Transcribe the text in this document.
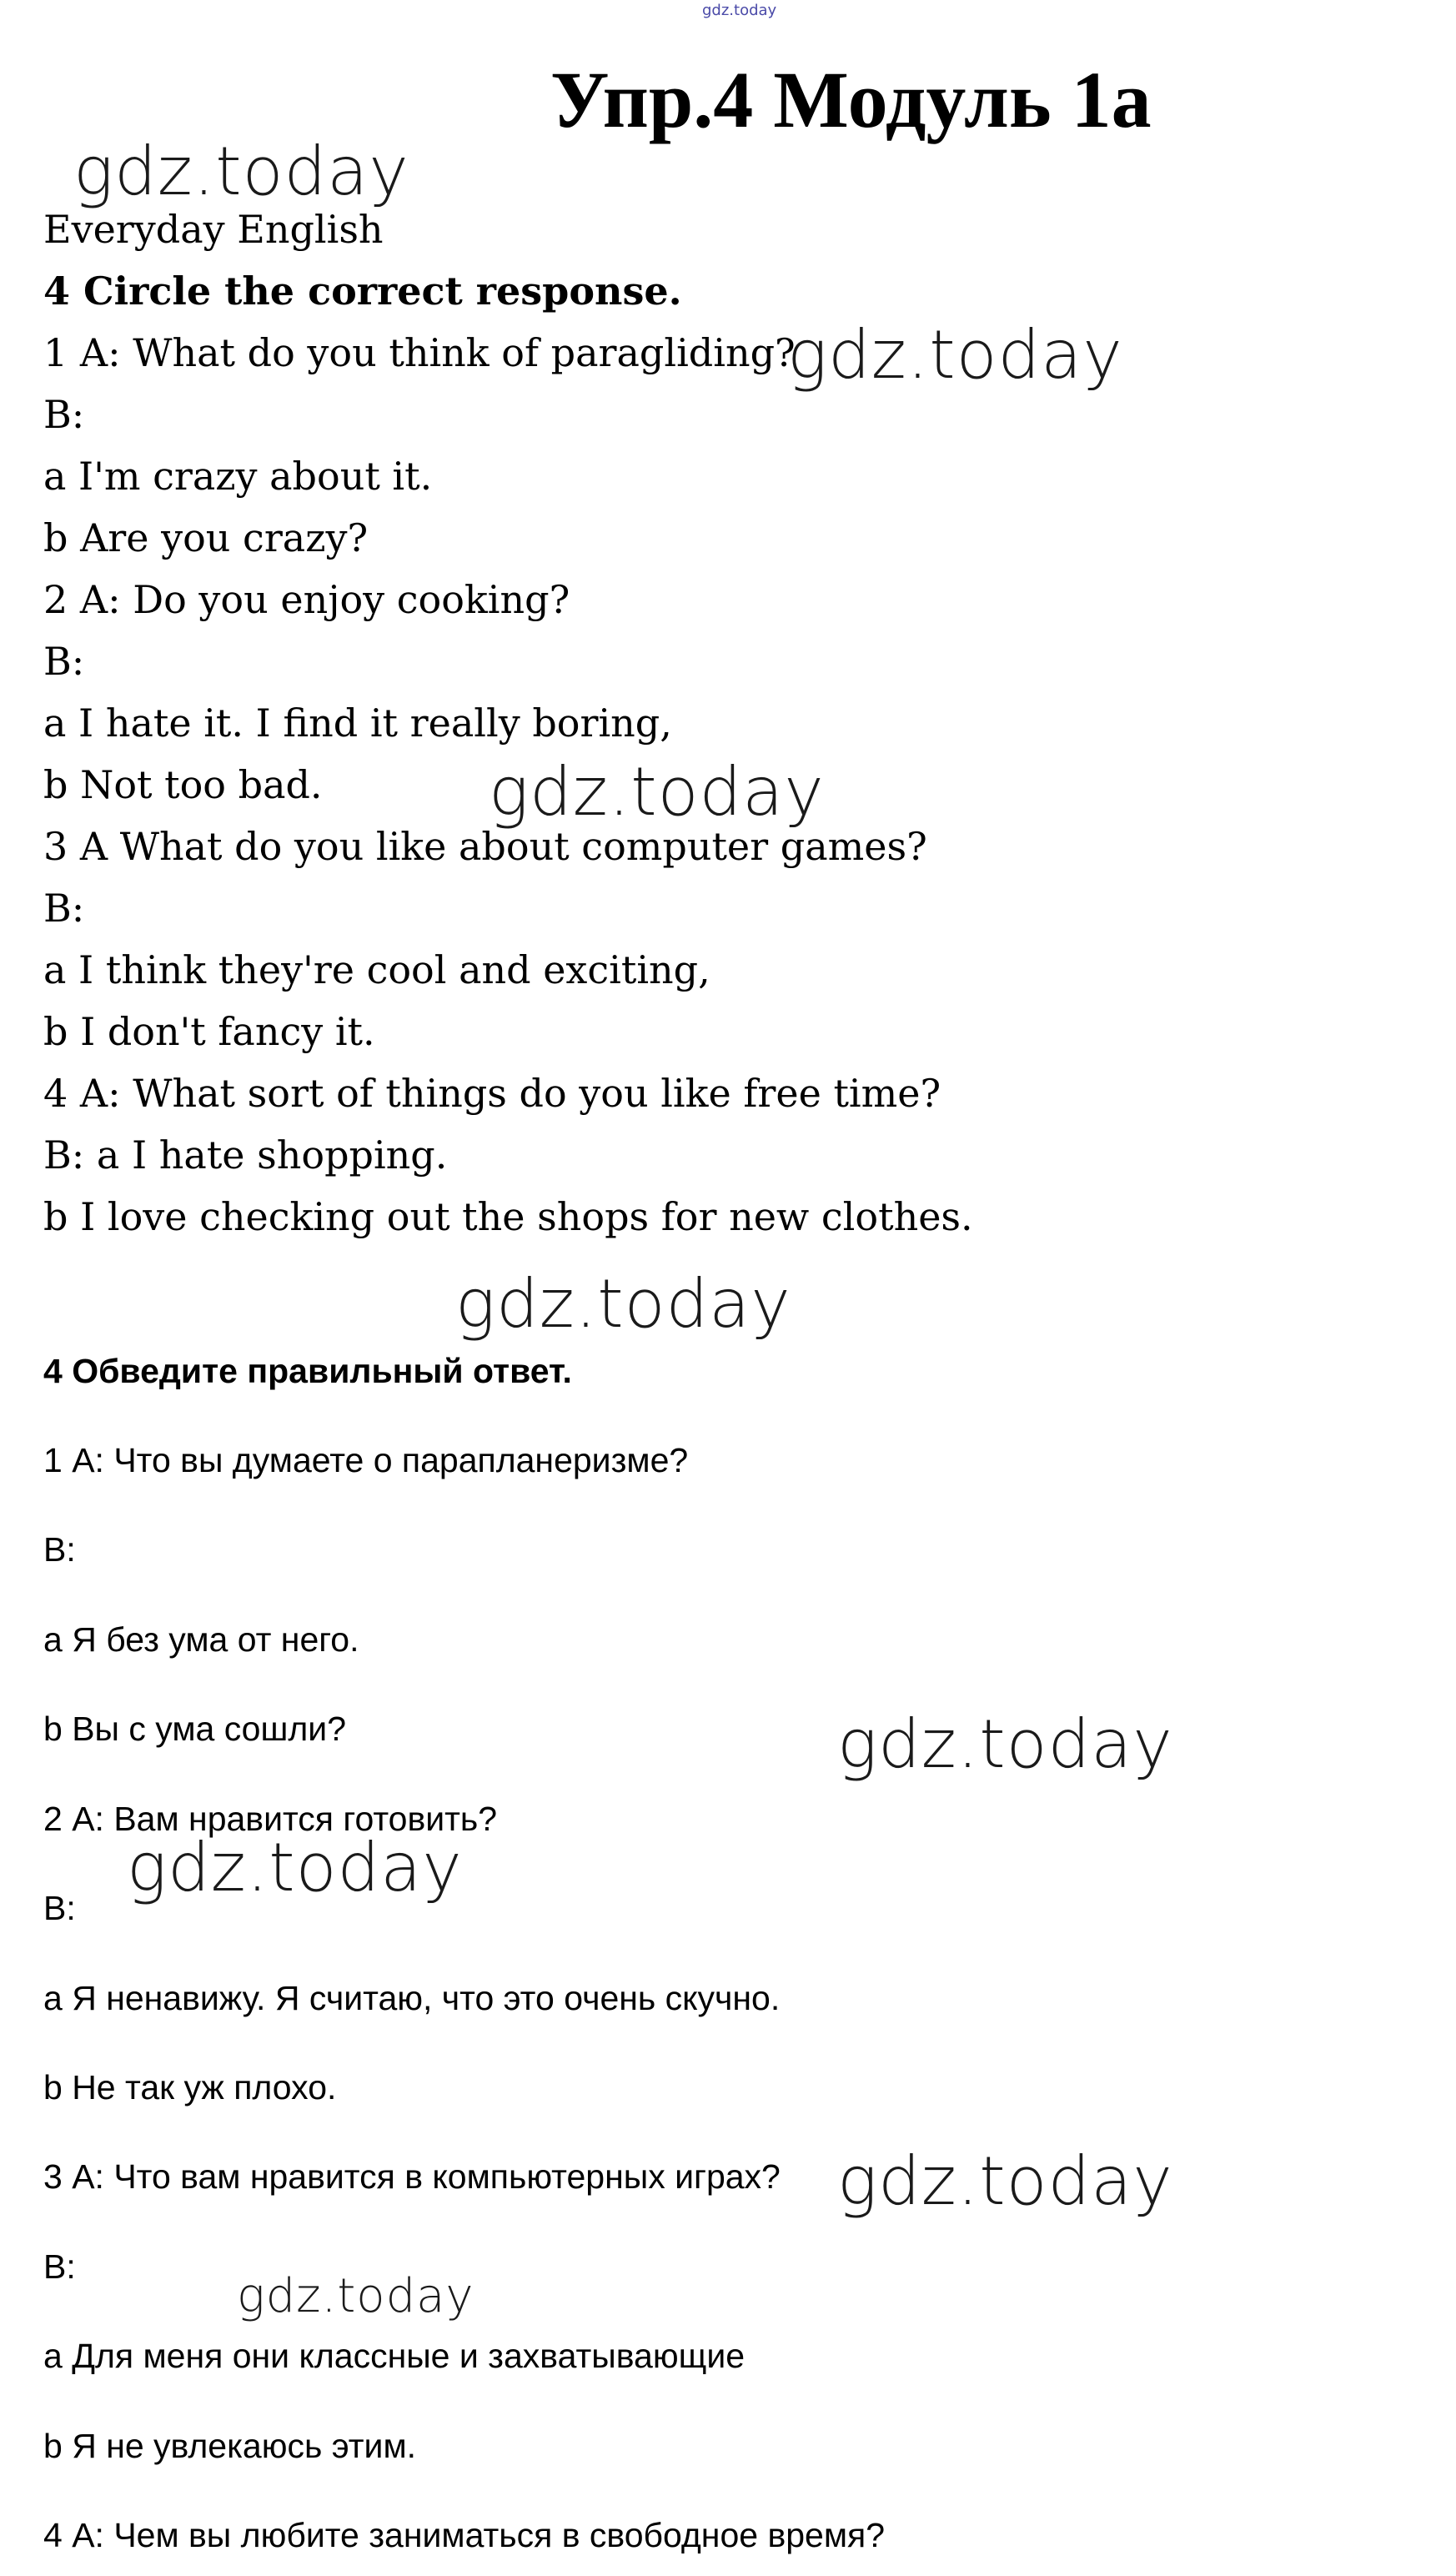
gdz.today
Упр.4 Модуль 1а
Everyday English
4 Circle the correct response.
1 A: What do you think of paragliding?
B:
a I'm crazy about it.
b Are you crazy?
2 A: Do you enjoy cooking?
B:
a I hate it. I find it really boring,
b Not too bad.
3 A What do you like about computer games?
B:
a I think they're cool and exciting,
b I don't fancy it.
4 A: What sort of things do you like free time?
B: a I hate shopping.
b I love checking out the shops for new clothes.
4 Обведите правильный ответ.
1 А: Что вы думаете о парапланеризме?
В:
а Я без ума от него.
b Вы с ума сошли?
2 А: Вам нравится готовить?
В:
а Я ненавижу. Я считаю, что это очень скучно.
b Не так уж плохо.
3 А: Что вам нравится в компьютерных играх?
В:
а Для меня они классные и захватывающие
b Я не увлекаюсь этим.
4 А: Чем вы любите заниматься в свободное время?
gdz.today
gdz.today
gdz.today
gdz.today
gdz.today
gdz.today
gdz.today
gdz.today
